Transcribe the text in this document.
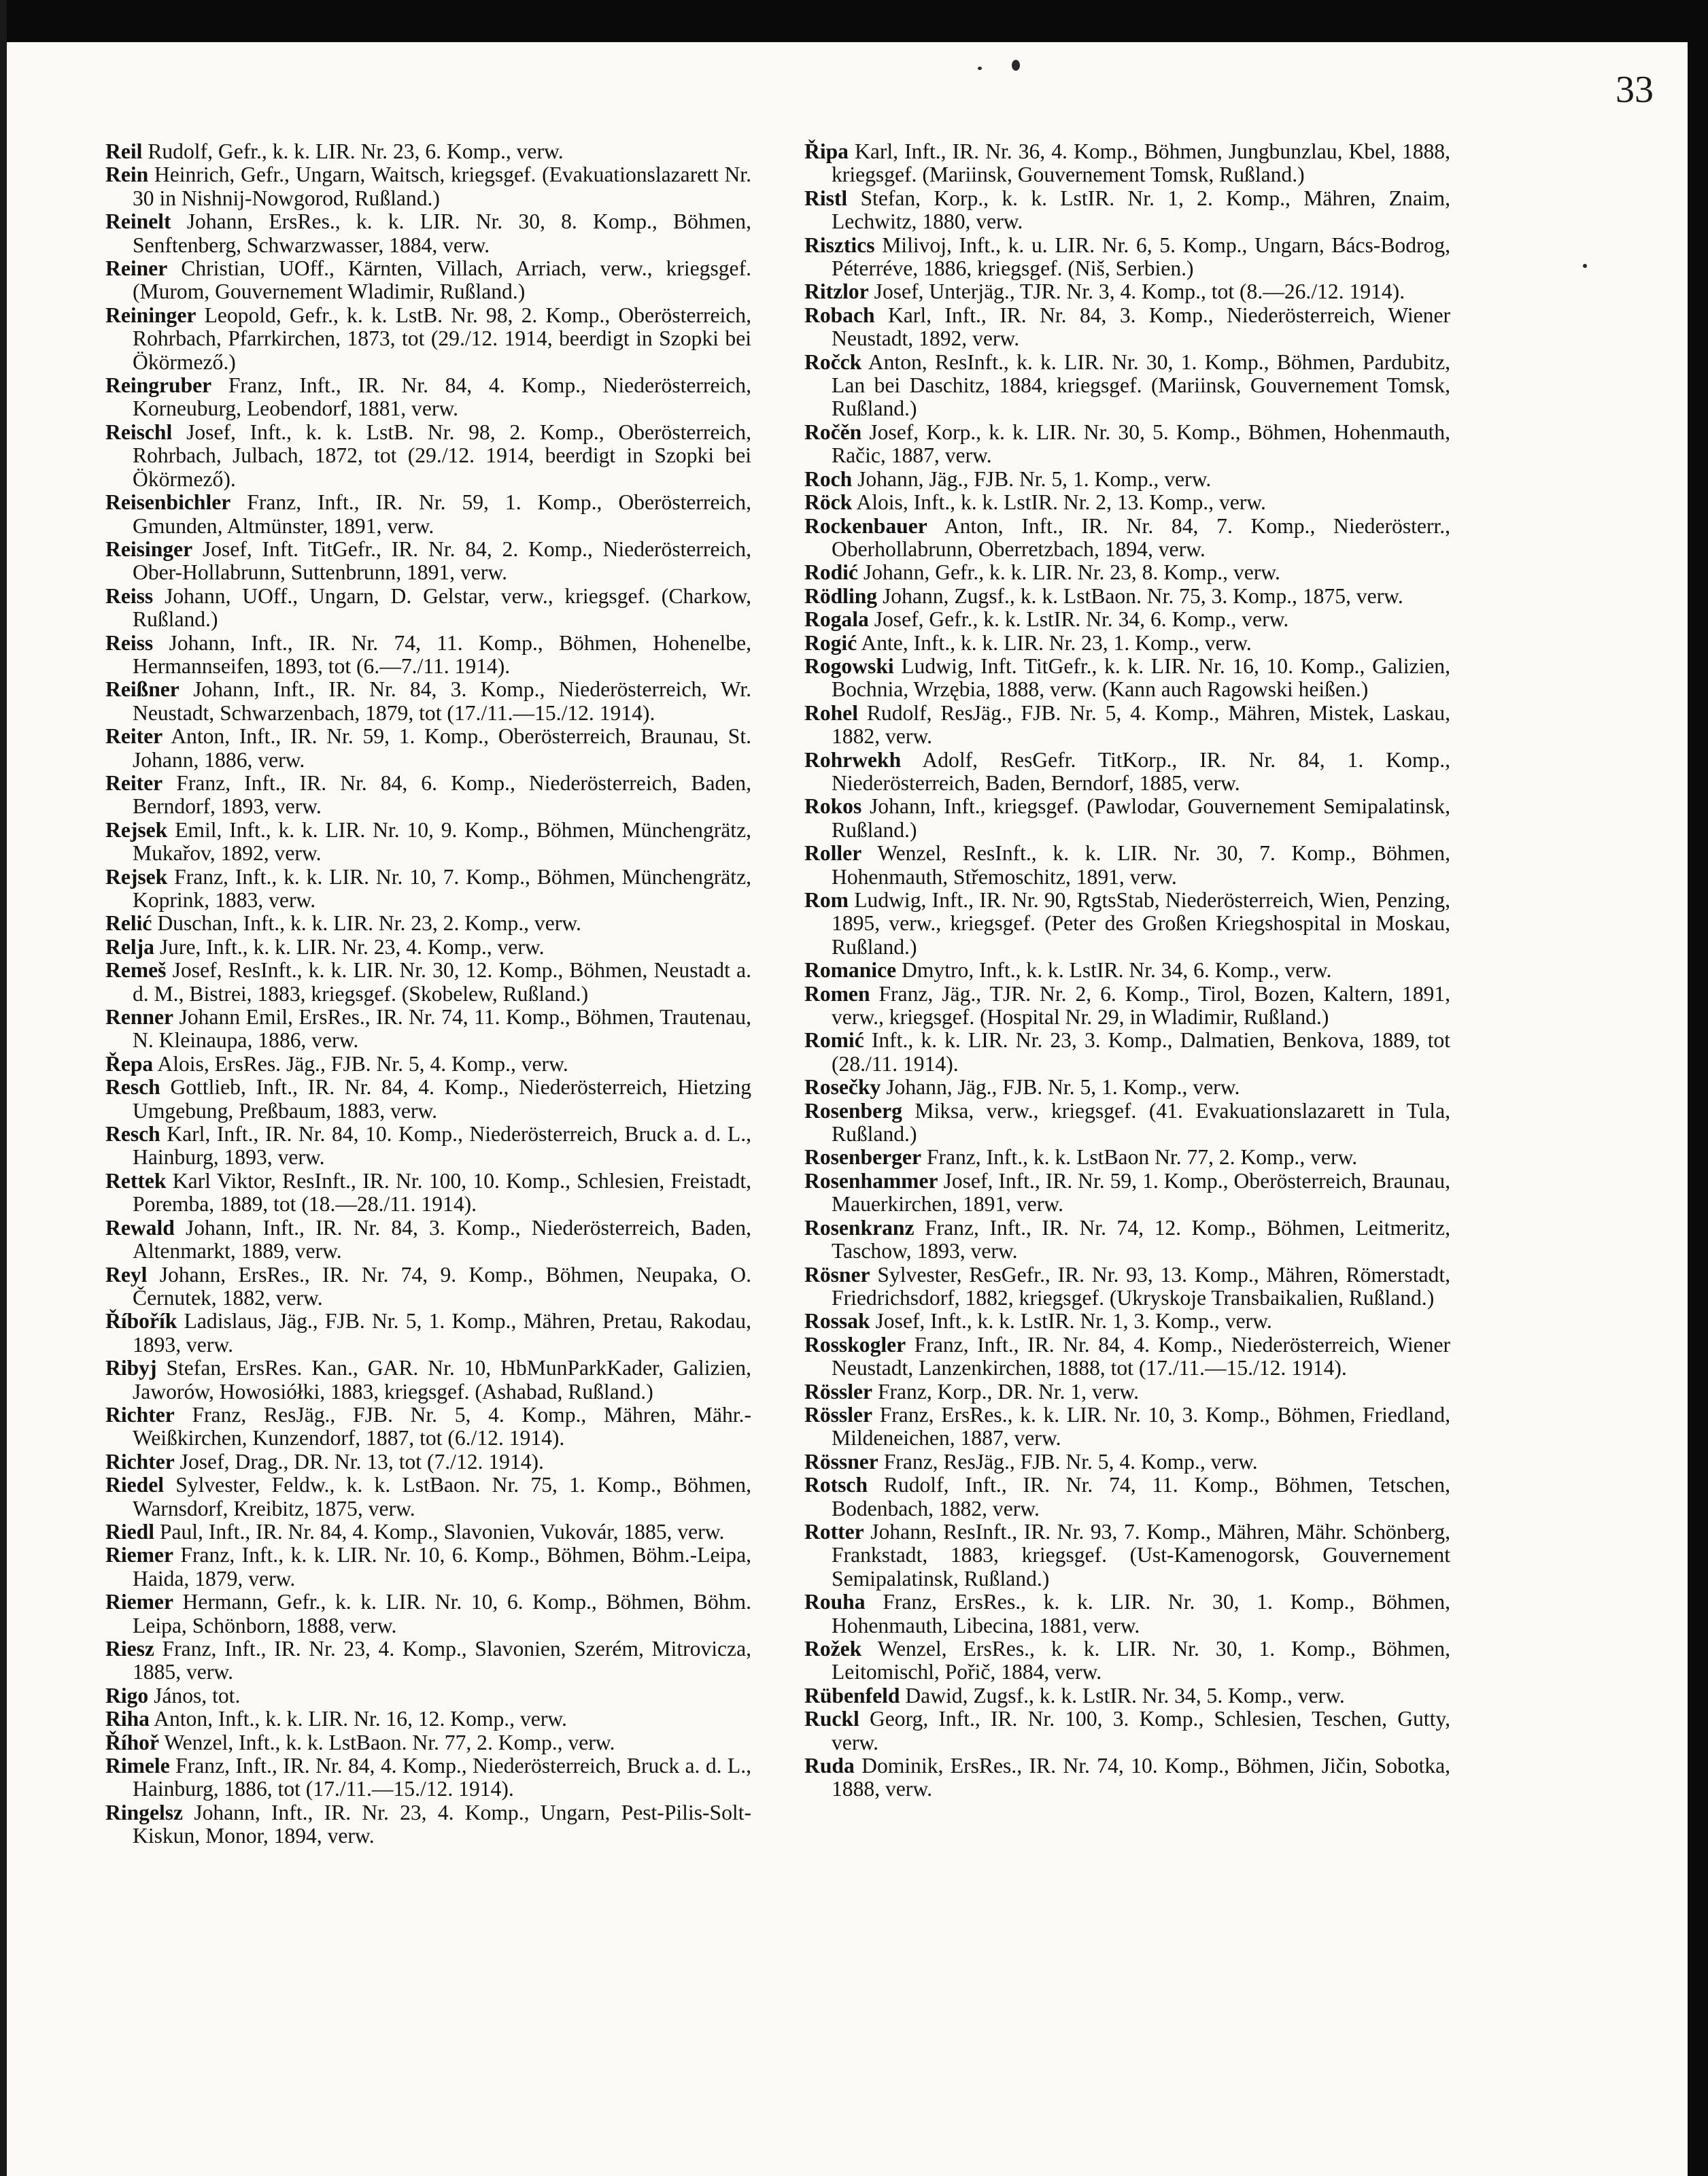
33

Reil Rudolf, Gefr., k. k. LIR. Nr. 23, 6. Komp., verw.

Rein Heinrich, Gefr., Ungarn, Waitsch, kriegsgef. (Evakuationslazarett Nr. 30 in Nishnij-Nowgorod, Rußland.)

Reinelt Johann, ErsRes., k. k. LIR. Nr. 30, 8. Komp., Böhmen, Senftenberg, Schwarzwasser, 1884, verw.

Reiner Christian, UOff., Kärnten, Villach, Arriach, verw., kriegsgef. (Murom, Gouvernement Wladimir, Rußland.)

Reininger Leopold, Gefr., k. k. LstB. Nr. 98, 2. Komp., Oberösterreich, Rohrbach, Pfarrkirchen, 1873, tot (29./12. 1914, beerdigt in Szopki bei Ökörmező.)

Reingruber Franz, Inft., IR. Nr. 84, 4. Komp., Niederösterreich, Korneuburg, Leobendorf, 1881, verw.

Reischl Josef, Inft., k. k. LstB. Nr. 98, 2. Komp., Oberösterreich, Rohrbach, Julbach, 1872, tot (29./12. 1914, beerdigt in Szopki bei Ökörmező).

Reisenbichler Franz, Inft., IR. Nr. 59, 1. Komp., Oberösterreich, Gmunden, Altmünster, 1891, verw.

Reisinger Josef, Inft. TitGefr., IR. Nr. 84, 2. Komp., Niederösterreich, Ober-Hollabrunn, Suttenbrunn, 1891, verw.

Reiss Johann, UOff., Ungarn, D. Gelstar, verw., kriegsgef. (Charkow, Rußland.)

Reiss Johann, Inft., IR. Nr. 74, 11. Komp., Böhmen, Hohenelbe, Hermannseifen, 1893, tot (6.—7./11. 1914).

Reißner Johann, Inft., IR. Nr. 84, 3. Komp., Niederösterreich, Wr. Neustadt, Schwarzenbach, 1879, tot (17./11.—15./12. 1914).

Reiter Anton, Inft., IR. Nr. 59, 1. Komp., Oberösterreich, Braunau, St. Johann, 1886, verw.

Reiter Franz, Inft., IR. Nr. 84, 6. Komp., Niederösterreich, Baden, Berndorf, 1893, verw.

Rejsek Emil, Inft., k. k. LIR. Nr. 10, 9. Komp., Böhmen, Münchengrätz, Mukařov, 1892, verw.

Rejsek Franz, Inft., k. k. LIR. Nr. 10, 7. Komp., Böhmen, Münchengrätz, Koprink, 1883, verw.

Relić Duschan, Inft., k. k. LIR. Nr. 23, 2. Komp., verw.

Relja Jure, Inft., k. k. LIR. Nr. 23, 4. Komp., verw.

Remeš Josef, ResInft., k. k. LIR. Nr. 30, 12. Komp., Böhmen, Neustadt a. d. M., Bistrei, 1883, kriegsgef. (Skobelew, Rußland.)

Renner Johann Emil, ErsRes., IR. Nr. 74, 11. Komp., Böhmen, Trautenau, N. Kleinaupa, 1886, verw.

Řepa Alois, ErsRes. Jäg., FJB. Nr. 5, 4. Komp., verw.

Resch Gottlieb, Inft., IR. Nr. 84, 4. Komp., Niederösterreich, Hietzing Umgebung, Preßbaum, 1883, verw.

Resch Karl, Inft., IR. Nr. 84, 10. Komp., Niederösterreich, Bruck a. d. L., Hainburg, 1893, verw.

Rettek Karl Viktor, ResInft., IR. Nr. 100, 10. Komp., Schlesien, Freistadt, Poremba, 1889, tot (18.—28./11. 1914).

Rewald Johann, Inft., IR. Nr. 84, 3. Komp., Niederösterreich, Baden, Altenmarkt, 1889, verw.

Reyl Johann, ErsRes., IR. Nr. 74, 9. Komp., Böhmen, Neupaka, O. Černutek, 1882, verw.

Říbořík Ladislaus, Jäg., FJB. Nr. 5, 1. Komp., Mähren, Pretau, Rakodau, 1893, verw.

Ribyj Stefan, ErsRes. Kan., GAR. Nr. 10, HbMunParkKader, Galizien, Jaworów, Howosiółki, 1883, kriegsgef. (Ashabad, Rußland.)

Richter Franz, ResJäg., FJB. Nr. 5, 4. Komp., Mähren, Mähr.-Weißkirchen, Kunzendorf, 1887, tot (6./12. 1914).

Richter Josef, Drag., DR. Nr. 13, tot (7./12. 1914).

Riedel Sylvester, Feldw., k. k. LstBaon. Nr. 75, 1. Komp., Böhmen, Warnsdorf, Kreibitz, 1875, verw.

Riedl Paul, Inft., IR. Nr. 84, 4. Komp., Slavonien, Vukovár, 1885, verw.

Riemer Franz, Inft., k. k. LIR. Nr. 10, 6. Komp., Böhmen, Böhm.-Leipa, Haida, 1879, verw.

Riemer Hermann, Gefr., k. k. LIR. Nr. 10, 6. Komp., Böhmen, Böhm. Leipa, Schönborn, 1888, verw.

Riesz Franz, Inft., IR. Nr. 23, 4. Komp., Slavonien, Szerém, Mitrovicza, 1885, verw.

Rigo János, tot.

Riha Anton, Inft., k. k. LIR. Nr. 16, 12. Komp., verw.

Říhoř Wenzel, Inft., k. k. LstBaon. Nr. 77, 2. Komp., verw.

Rimele Franz, Inft., IR. Nr. 84, 4. Komp., Niederösterreich, Bruck a. d. L., Hainburg, 1886, tot (17./11.—15./12. 1914).

Ringelsz Johann, Inft., IR. Nr. 23, 4. Komp., Ungarn, Pest-Pilis-Solt-Kiskun, Monor, 1894, verw.

Řipa Karl, Inft., IR. Nr. 36, 4. Komp., Böhmen, Jungbunzlau, Kbel, 1888, kriegsgef. (Mariinsk, Gouvernement Tomsk, Rußland.)

Ristl Stefan, Korp., k. k. LstIR. Nr. 1, 2. Komp., Mähren, Znaim, Lechwitz, 1880, verw.

Risztics Milivoj, Inft., k. u. LIR. Nr. 6, 5. Komp., Ungarn, Bács-Bodrog, Péterréve, 1886, kriegsgef. (Niš, Serbien.)

Ritzlor Josef, Unterjäg., TJR. Nr. 3, 4. Komp., tot (8.—26./12. 1914).

Robach Karl, Inft., IR. Nr. 84, 3. Komp., Niederösterreich, Wiener Neustadt, 1892, verw.

Ročck Anton, ResInft., k. k. LIR. Nr. 30, 1. Komp., Böhmen, Pardubitz, Lan bei Daschitz, 1884, kriegsgef. (Mariinsk, Gouvernement Tomsk, Rußland.)

Ročěn Josef, Korp., k. k. LIR. Nr. 30, 5. Komp., Böhmen, Hohenmauth, Račic, 1887, verw.

Roch Johann, Jäg., FJB. Nr. 5, 1. Komp., verw.

Röck Alois, Inft., k. k. LstIR. Nr. 2, 13. Komp., verw.

Rockenbauer Anton, Inft., IR. Nr. 84, 7. Komp., Niederösterr., Oberhollabrunn, Oberretzbach, 1894, verw.

Rodić Johann, Gefr., k. k. LIR. Nr. 23, 8. Komp., verw.

Rödling Johann, Zugsf., k. k. LstBaon. Nr. 75, 3. Komp., 1875, verw.

Rogala Josef, Gefr., k. k. LstIR. Nr. 34, 6. Komp., verw.

Rogić Ante, Inft., k. k. LIR. Nr. 23, 1. Komp., verw.

Rogowski Ludwig, Inft. TitGefr., k. k. LIR. Nr. 16, 10. Komp., Galizien, Bochnia, Wrzębia, 1888, verw. (Kann auch Ragowski heißen.)

Rohel Rudolf, ResJäg., FJB. Nr. 5, 4. Komp., Mähren, Mistek, Laskau, 1882, verw.

Rohrwekh Adolf, ResGefr. TitKorp., IR. Nr. 84, 1. Komp., Niederösterreich, Baden, Berndorf, 1885, verw.

Rokos Johann, Inft., kriegsgef. (Pawlodar, Gouvernement Semipalatinsk, Rußland.)

Roller Wenzel, ResInft., k. k. LIR. Nr. 30, 7. Komp., Böhmen, Hohenmauth, Střemoschitz, 1891, verw.

Rom Ludwig, Inft., IR. Nr. 90, RgtsStab, Niederösterreich, Wien, Penzing, 1895, verw., kriegsgef. (Peter des Großen Kriegshospital in Moskau, Rußland.)

Romanice Dmytro, Inft., k. k. LstIR. Nr. 34, 6. Komp., verw.

Romen Franz, Jäg., TJR. Nr. 2, 6. Komp., Tirol, Bozen, Kaltern, 1891, verw., kriegsgef. (Hospital Nr. 29, in Wladimir, Rußland.)

Romić Inft., k. k. LIR. Nr. 23, 3. Komp., Dalmatien, Benkova, 1889, tot (28./11. 1914).

Rosečky Johann, Jäg., FJB. Nr. 5, 1. Komp., verw.

Rosenberg Miksa, verw., kriegsgef. (41. Evakuationslazarett in Tula, Rußland.)

Rosenberger Franz, Inft., k. k. LstBaon Nr. 77, 2. Komp., verw.

Rosenhammer Josef, Inft., IR. Nr. 59, 1. Komp., Oberösterreich, Braunau, Mauerkirchen, 1891, verw.

Rosenkranz Franz, Inft., IR. Nr. 74, 12. Komp., Böhmen, Leitmeritz, Taschow, 1893, verw.

Rösner Sylvester, ResGefr., IR. Nr. 93, 13. Komp., Mähren, Römerstadt, Friedrichsdorf, 1882, kriegsgef. (Ukryskoje Transbaikalien, Rußland.)

Rossak Josef, Inft., k. k. LstIR. Nr. 1, 3. Komp., verw.

Rosskogler Franz, Inft., IR. Nr. 84, 4. Komp., Niederösterreich, Wiener Neustadt, Lanzenkirchen, 1888, tot (17./11.—15./12. 1914).

Rössler Franz, Korp., DR. Nr. 1, verw.

Rössler Franz, ErsRes., k. k. LIR. Nr. 10, 3. Komp., Böhmen, Friedland, Mildeneichen, 1887, verw.

Rössner Franz, ResJäg., FJB. Nr. 5, 4. Komp., verw.

Rotsch Rudolf, Inft., IR. Nr. 74, 11. Komp., Böhmen, Tetschen, Bodenbach, 1882, verw.

Rotter Johann, ResInft., IR. Nr. 93, 7. Komp., Mähren, Mähr. Schönberg, Frankstadt, 1883, kriegsgef. (Ust-Kamenogorsk, Gouvernement Semipalatinsk, Rußland.)

Rouha Franz, ErsRes., k. k. LIR. Nr. 30, 1. Komp., Böhmen, Hohenmauth, Libecina, 1881, verw.

Rožek Wenzel, ErsRes., k. k. LIR. Nr. 30, 1. Komp., Böhmen, Leitomischl, Pořič, 1884, verw.

Rübenfeld Dawid, Zugsf., k. k. LstIR. Nr. 34, 5. Komp., verw.

Ruckl Georg, Inft., IR. Nr. 100, 3. Komp., Schlesien, Teschen, Gutty, verw.

Ruda Dominik, ErsRes., IR. Nr. 74, 10. Komp., Böhmen, Jičin, Sobotka, 1888, verw.
